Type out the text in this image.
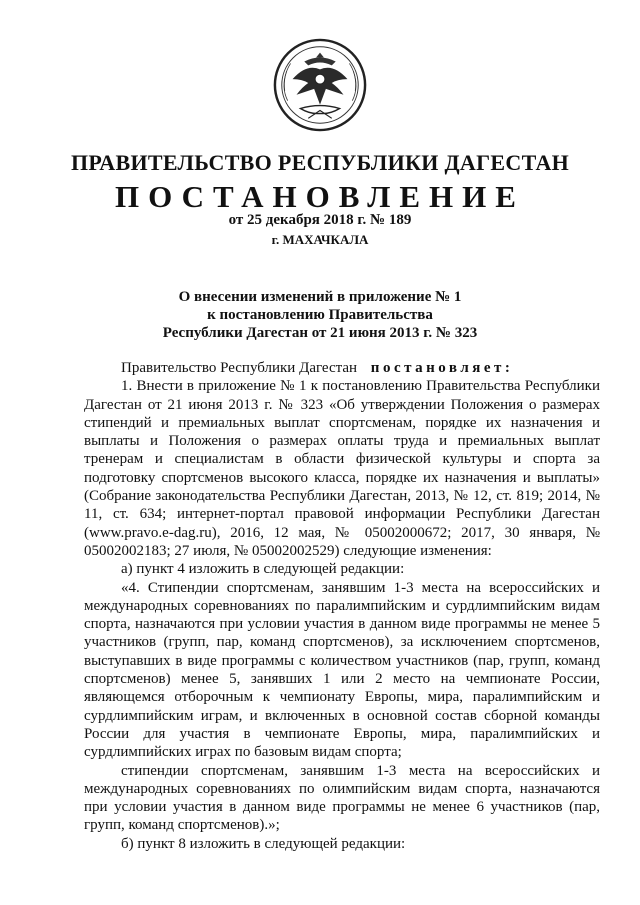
ПРАВИТЕЛЬСТВО РЕСПУБЛИКИ ДАГЕСТАН
ПОСТАНОВЛЕНИЕ
от 25 декабря 2018 г. № 189
г. МАХАЧКАЛА
О внесении изменений в приложение № 1
к постановлению Правительства
Республики Дагестан от 21 июня 2013 г. № 323

Правительство Республики Дагестан постановляет:

1. Внести в приложение № 1 к постановлению Правительства Республики Дагестан от 21 июня 2013 г. № 323 «Об утверждении Положения о размерах стипендий и премиальных выплат спортсменам, порядке их назначения и выплаты и Положения о размерах оплаты труда и премиальных выплат тренерам и специалистам в области физической культуры и спорта за подготовку спортсменов высокого класса, порядке их назначения и выплаты» (Собрание законодательства Республики Дагестан, 2013, № 12, ст. 819; 2014, № 11, ст. 634; интернет-портал правовой информации Республики Дагестан (www.pravo.e-dag.ru), 2016, 12 мая, № 05002000672; 2017, 30 января, № 05002002183; 27 июля, № 05002002529) следующие изменения:

а) пункт 4 изложить в следующей редакции:

«4. Стипендии спортсменам, занявшим 1-3 места на всероссийских и международных соревнованиях по паралимпийским и сурдлимпийским видам спорта, назначаются при условии участия в данном виде программы не менее 5 участников (групп, пар, команд спортсменов), за исключением спортсменов, выступавших в виде программы с количеством участников (пар, групп, команд спортсменов) менее 5, занявших 1 или 2 место на чемпионате России, являющемся отборочным к чемпионату Европы, мира, паралимпийским и сурдлимпийским играм, и включенных в основной состав сборной команды России для участия в чемпионате Европы, мира, паралимпийских и сурдлимпийских играх по базовым видам спорта;

стипендии спортсменам, занявшим 1-3 места на всероссийских и международных соревнованиях по олимпийским видам спорта, назначаются при условии участия в данном виде программы не менее 6 участников (пар, групп, команд спортсменов).»;

б) пункт 8 изложить в следующей редакции:
